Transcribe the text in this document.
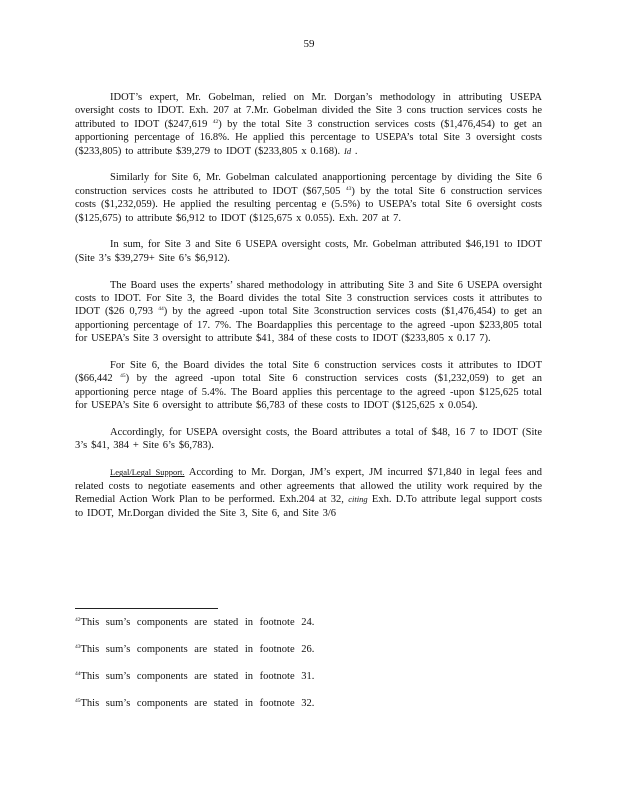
59

IDOT’s expert, Mr. Gobelman, relied on Mr. Dorgan’s methodology in attributing USEPA oversight costs to IDOT. Exh. 207 at 7.Mr. Gobelman divided the Site 3 cons truction services costs he attributed to IDOT ($247,619 $^{42}$) by the total Site 3 construction services costs ($1,476,454) to get an apportioning percentage of 16.8%. He applied this percentage to USEPA’s total Site 3 oversight costs ($233,805) to attribute $39,279 to IDOT ($233,805 x 0.168). Id .

Similarly for Site 6, Mr. Gobelman calculated anapportioning percentage by dividing the Site 6 construction services costs he attributed to IDOT ($67,505 $^{43}$) by the total Site 6 construction services costs ($1,232,059). He applied the resulting percentag e (5.5%) to USEPA’s total Site 6 oversight costs ($125,675) to attribute $6,912 to IDOT ($125,675 x 0.055). Exh. 207 at 7.

In sum, for Site 3 and Site 6 USEPA oversight costs, Mr. Gobelman attributed $46,191 to IDOT (Site 3’s $39,279+ Site 6’s $6,912).

The Board uses the experts’ shared methodology in attributing Site 3 and Site 6 USEPA oversight costs to IDOT. For Site 3, the Board divides the total Site 3 construction services costs it attributes to IDOT ($26 0,793 $^{44}$) by the agreed -upon total Site 3construction services costs ($1,476,454) to get an apportioning percentage of 17. 7%. The Boardapplies this percentage to the agreed -upon $233,805 total for USEPA’s Site 3 oversight to attribute $41, 384 of these costs to IDOT ($233,805 x 0.17 7).

For Site 6, the Board divides the total Site 6 construction services costs it attributes to IDOT ($66,442 $^{45}$) by the agreed -upon total Site 6 construction services costs ($1,232,059) to get an apportioning perce ntage of 5.4%. The Board applies this percentage to the agreed -upon $125,625 total for USEPA’s Site 6 oversight to attribute $6,783 of these costs to IDOT ($125,625 x 0.054).

Accordingly, for USEPA oversight costs, the Board attributes a total of $48, 16 7 to IDOT (Site 3’s $41, 384 + Site 6’s $6,783).

Legal/Legal Support. According to Mr. Dorgan, JM’s expert, JM incurred $71,840 in legal fees and related costs to negotiate easements and other agreements that allowed the utility work required by the Remedial Action Work Plan to be performed. Exh.204 at 32, citing Exh. D.To attribute legal support costs to IDOT, Mr.Dorgan divided the Site 3, Site 6, and Site 3/6

$^{42}$This sum’s components are stated in footnote 24.
$^{43}$This sum’s components are stated in footnote 26.
$^{44}$This sum’s components are stated in footnote 31.
$^{45}$This sum’s components are stated in footnote 32.
